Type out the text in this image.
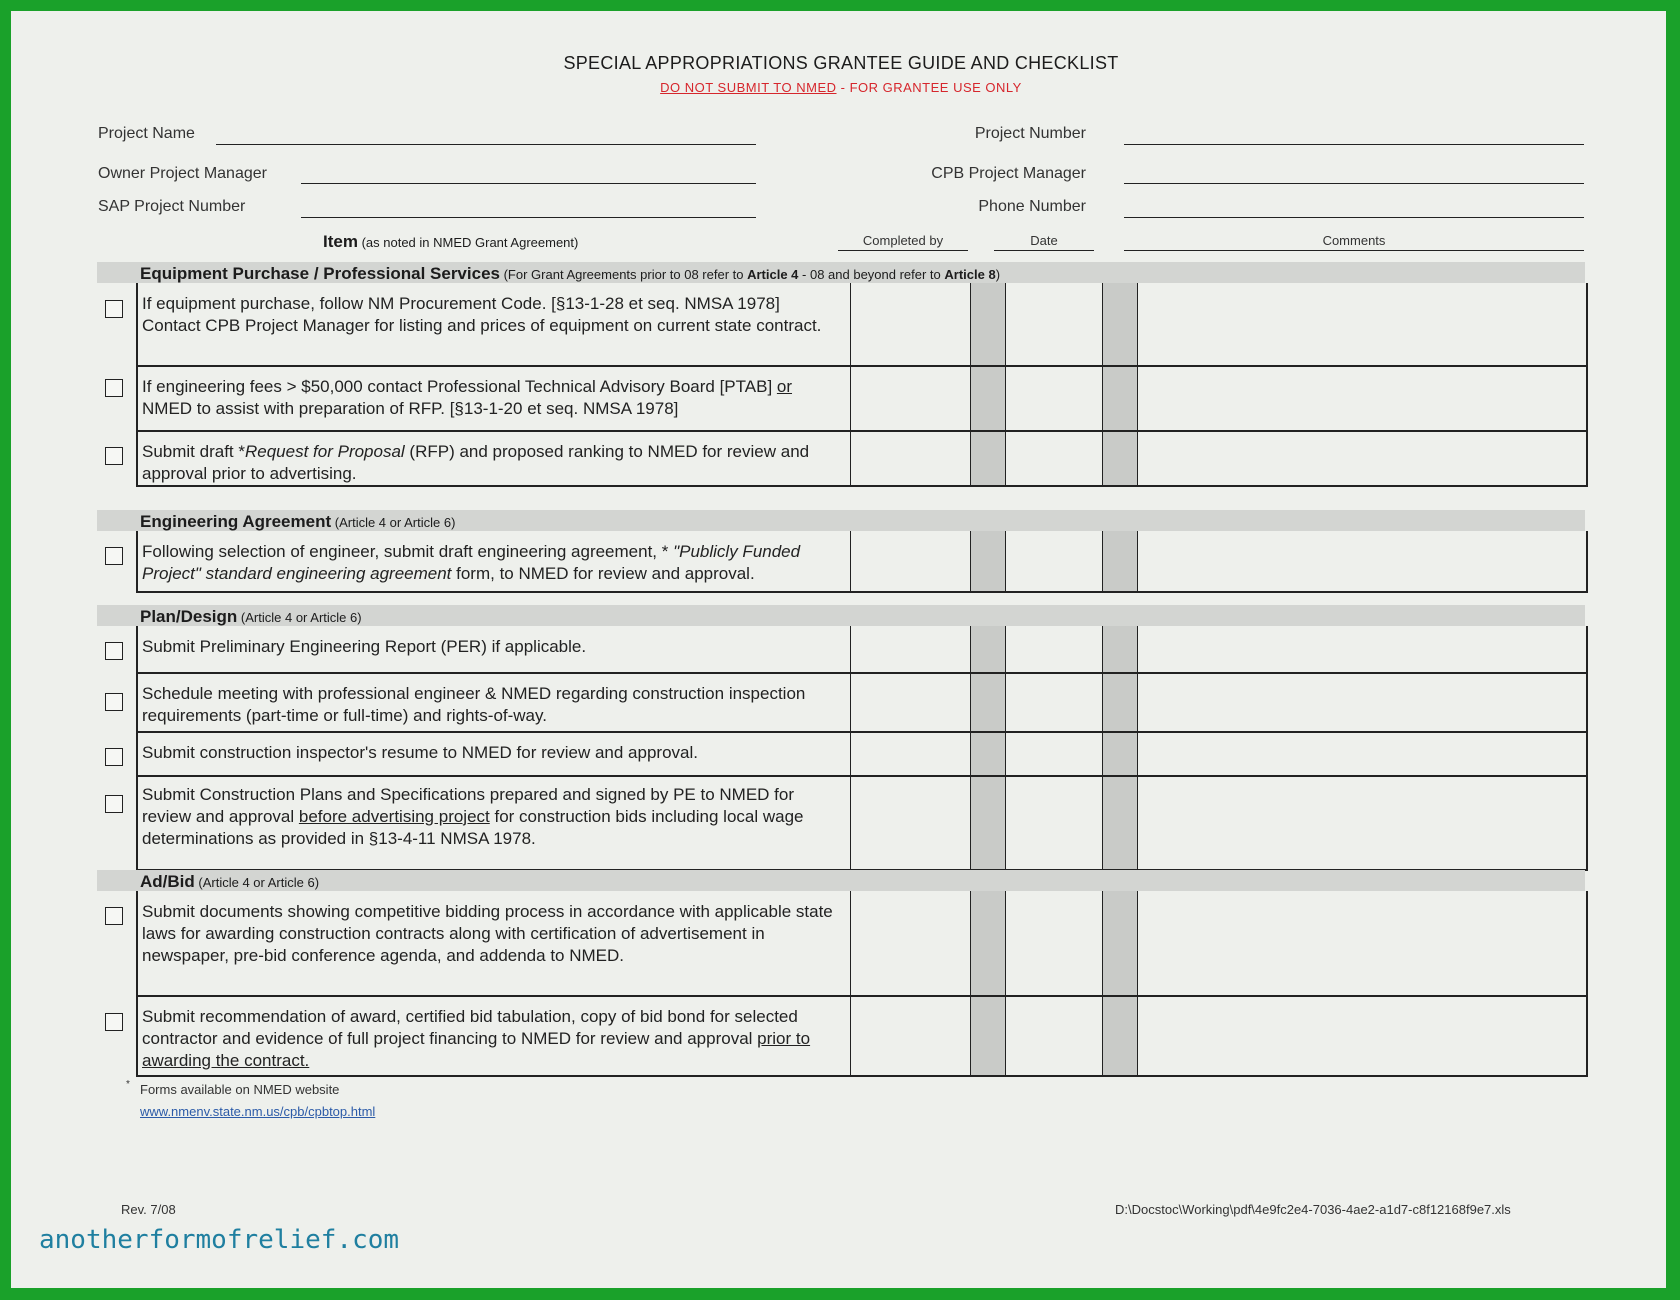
SPECIAL APPROPRIATIONS GRANTEE GUIDE AND CHECKLIST
DO NOT SUBMIT TO NMED - FOR GRANTEE USE ONLY
Project Name
Owner Project Manager
SAP Project Number
Project Number
CPB Project Manager
Phone Number
Item (as noted in NMED Grant Agreement)	Completed by	Date	Comments
Equipment Purchase / Professional Services (For Grant Agreements prior to 08 refer to Article 4 - 08 and beyond refer to Article 8)
If equipment purchase, follow NM Procurement Code. [§13-1-28 et seq. NMSA 1978] Contact CPB Project Manager for listing and prices of equipment on current state contract.
If engineering fees > $50,000 contact Professional Technical Advisory Board [PTAB] or NMED to assist with preparation of RFP. [§13-1-20 et seq. NMSA 1978]
Submit draft *Request for Proposal (RFP) and proposed ranking to NMED for review and approval prior to advertising.
Engineering Agreement (Article 4 or Article 6)
Following selection of engineer, submit draft engineering agreement, * "Publicly Funded Project" standard engineering agreement form, to NMED for review and approval.
Plan/Design (Article 4 or Article 6)
Submit Preliminary Engineering Report (PER) if applicable.
Schedule meeting with professional engineer & NMED regarding construction inspection requirements (part-time or full-time) and rights-of-way.
Submit construction inspector's resume to NMED for review and approval.
Submit Construction Plans and Specifications prepared and signed by PE to NMED for review and approval before advertising project for construction bids including local wage determinations as provided in §13-4-11 NMSA 1978.
Ad/Bid (Article 4 or Article 6)
Submit documents showing competitive bidding process in accordance with applicable state laws for awarding construction contracts along with certification of advertisement in newspaper, pre-bid conference agenda, and addenda to NMED.
Submit recommendation of award, certified bid tabulation, copy of bid bond for selected contractor and evidence of full project financing to NMED for review and approval prior to awarding the contract.
* Forms available on NMED website
www.nmenv.state.nm.us/cpb/cpbtop.html
Rev. 7/08	D:\Docstoc\Working\pdf\4e9fc2e4-7036-4ae2-a1d7-c8f12168f9e7.xls
anotherformofrelief.com
